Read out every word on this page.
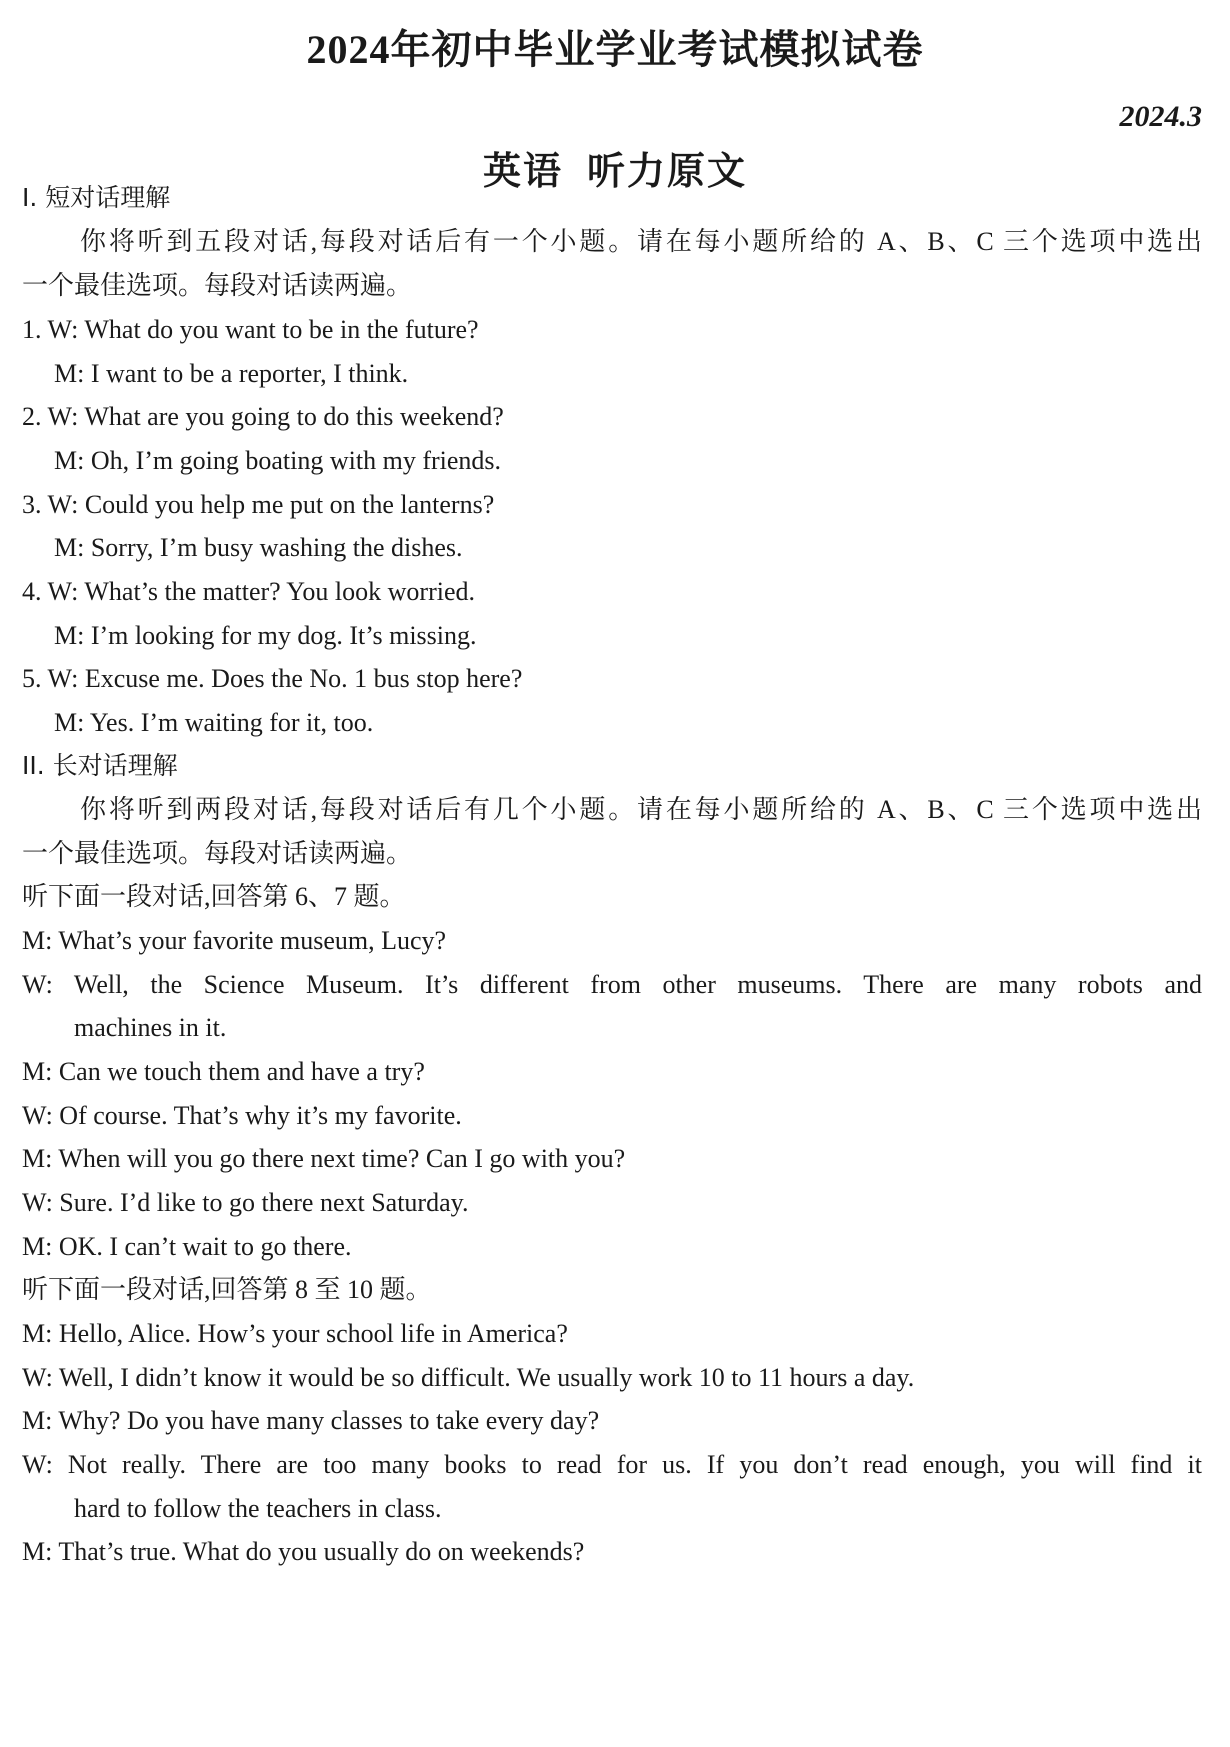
2024年初中毕业学业考试模拟试卷
2024.3
英语 听力原文
I. 短对话理解
你将听到五段对话,每段对话后有一个小题。请在每小题所给的 A、B、C 三个选项中选出
一个最佳选项。每段对话读两遍。
1. W: What do you want to be in the future?
M: I want to be a reporter, I think.
2. W: What are you going to do this weekend?
M: Oh, I’m going boating with my friends.
3. W: Could you help me put on the lanterns?
M: Sorry, I’m busy washing the dishes.
4. W: What’s the matter? You look worried.
M: I’m looking for my dog. It’s missing.
5. W: Excuse me. Does the No. 1 bus stop here?
M: Yes. I’m waiting for it, too.
II. 长对话理解
你将听到两段对话,每段对话后有几个小题。请在每小题所给的 A、B、C 三个选项中选出
一个最佳选项。每段对话读两遍。
听下面一段对话,回答第 6、7 题。
M: What’s your favorite museum, Lucy?
W: Well, the Science Museum. It’s different from other museums. There are many robots and
machines in it.
M: Can we touch them and have a try?
W: Of course. That’s why it’s my favorite.
M: When will you go there next time? Can I go with you?
W: Sure. I’d like to go there next Saturday.
M: OK. I can’t wait to go there.
听下面一段对话,回答第 8 至 10 题。
M: Hello, Alice. How’s your school life in America?
W: Well, I didn’t know it would be so difficult. We usually work 10 to 11 hours a day.
M: Why? Do you have many classes to take every day?
W: Not really. There are too many books to read for us. If you don’t read enough, you will find it
hard to follow the teachers in class.
M: That’s true. What do you usually do on weekends?
